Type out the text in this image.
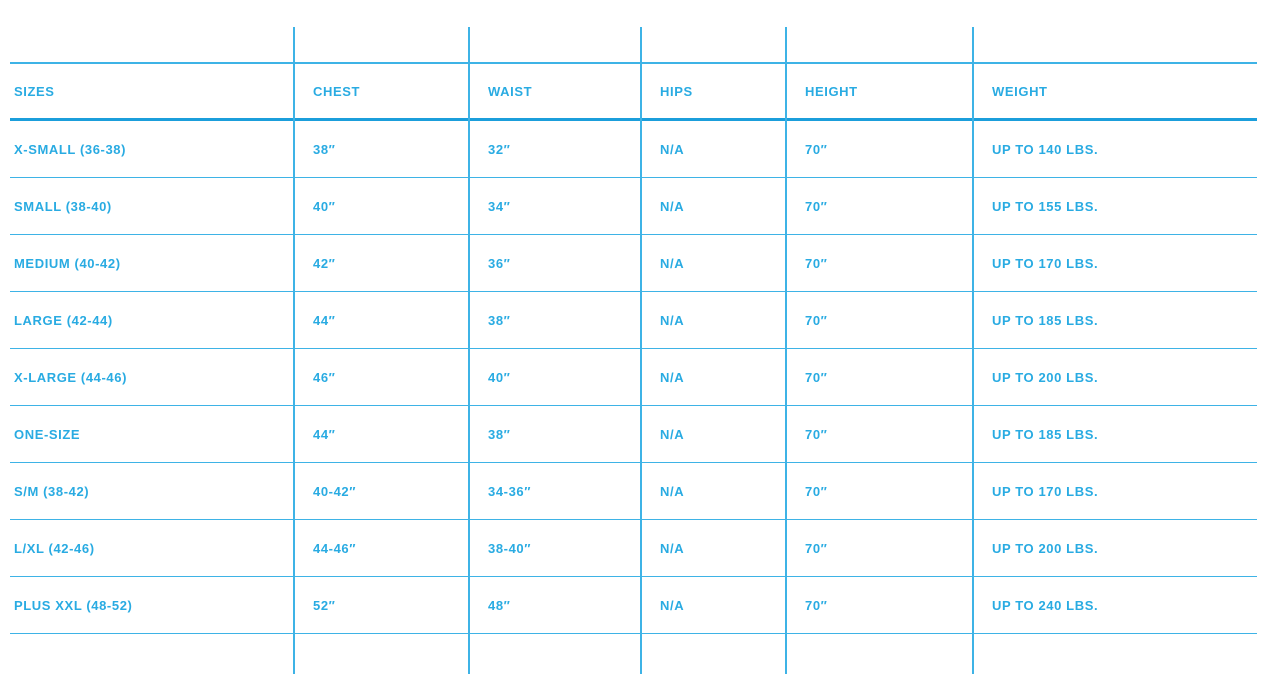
SIZES	CHEST	WAIST	HIPS	HEIGHT	WEIGHT
X-SMALL (36-38)	38″	32″	N/A	70″	UP TO 140 LBS.
SMALL (38-40)	40″	34″	N/A	70″	UP TO 155 LBS.
MEDIUM (40-42)	42″	36″	N/A	70″	UP TO 170 LBS.
LARGE (42-44)	44″	38″	N/A	70″	UP TO 185 LBS.
X-LARGE (44-46)	46″	40″	N/A	70″	UP TO 200 LBS.
ONE-SIZE	44″	38″	N/A	70″	UP TO 185 LBS.
S/M (38-42)	40-42″	34-36″	N/A	70″	UP TO 170 LBS.
L/XL (42-46)	44-46″	38-40″	N/A	70″	UP TO 200 LBS.
PLUS XXL (48-52)	52″	48″	N/A	70″	UP TO 240 LBS.
